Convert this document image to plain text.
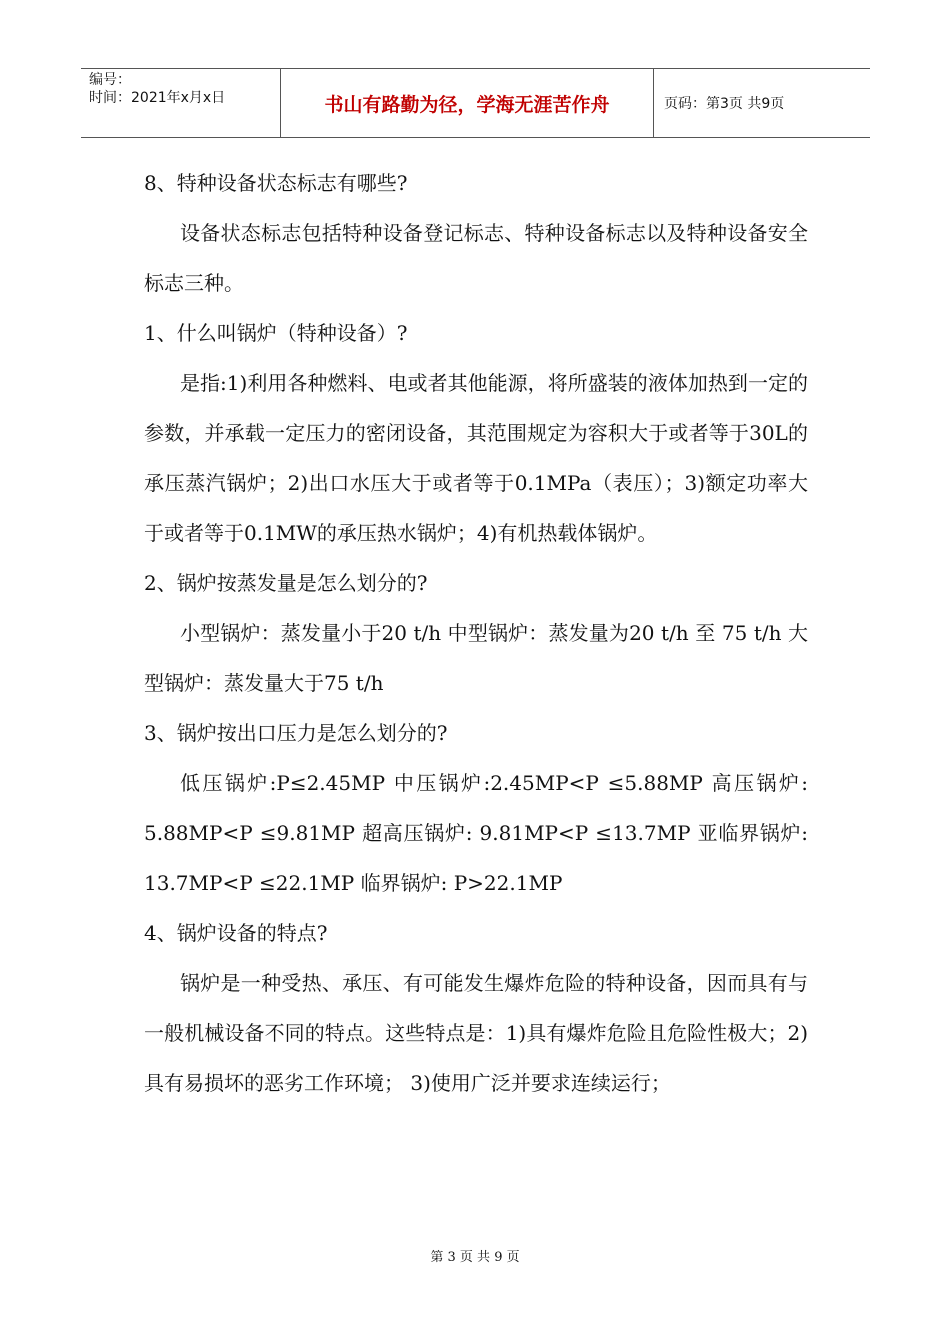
编号：
时间：2021年x月x日	书山有路勤为径，学海无涯苦作舟	页码：第3页 共9页

8、特种设备状态标志有哪些?

设备状态标志包括特种设备登记标志、特种设备标志以及特种设备安全标志三种。

1、什么叫锅炉（特种设备）?

是指:1)利用各种燃料、电或者其他能源，将所盛装的液体加热到一定的参数，并承载一定压力的密闭设备，其范围规定为容积大于或者等于30L的承压蒸汽锅炉；2)出口水压大于或者等于0.1MPa（表压）；3)额定功率大于或者等于0.1MW的承压热水锅炉；4)有机热载体锅炉。

2、锅炉按蒸发量是怎么划分的?

小型锅炉：蒸发量小于20 t/h 中型锅炉：蒸发量为20 t/h 至 75 t/h 大型锅炉：蒸发量大于75 t/h

3、锅炉按出口压力是怎么划分的?

低压锅炉:P≤2.45MP 中压锅炉:2.45MP<P ≤5.88MP 高压锅炉: 5.88MP<P ≤9.81MP 超高压锅炉: 9.81MP<P ≤13.7MP 亚临界锅炉: 13.7MP<P ≤22.1MP 临界锅炉: P>22.1MP

4、锅炉设备的特点?

锅炉是一种受热、承压、有可能发生爆炸危险的特种设备，因而具有与一般机械设备不同的特点。这些特点是：1)具有爆炸危险且危险性极大；2)具有易损坏的恶劣工作环境； 3)使用广泛并要求连续运行；

第 3 页 共 9 页
